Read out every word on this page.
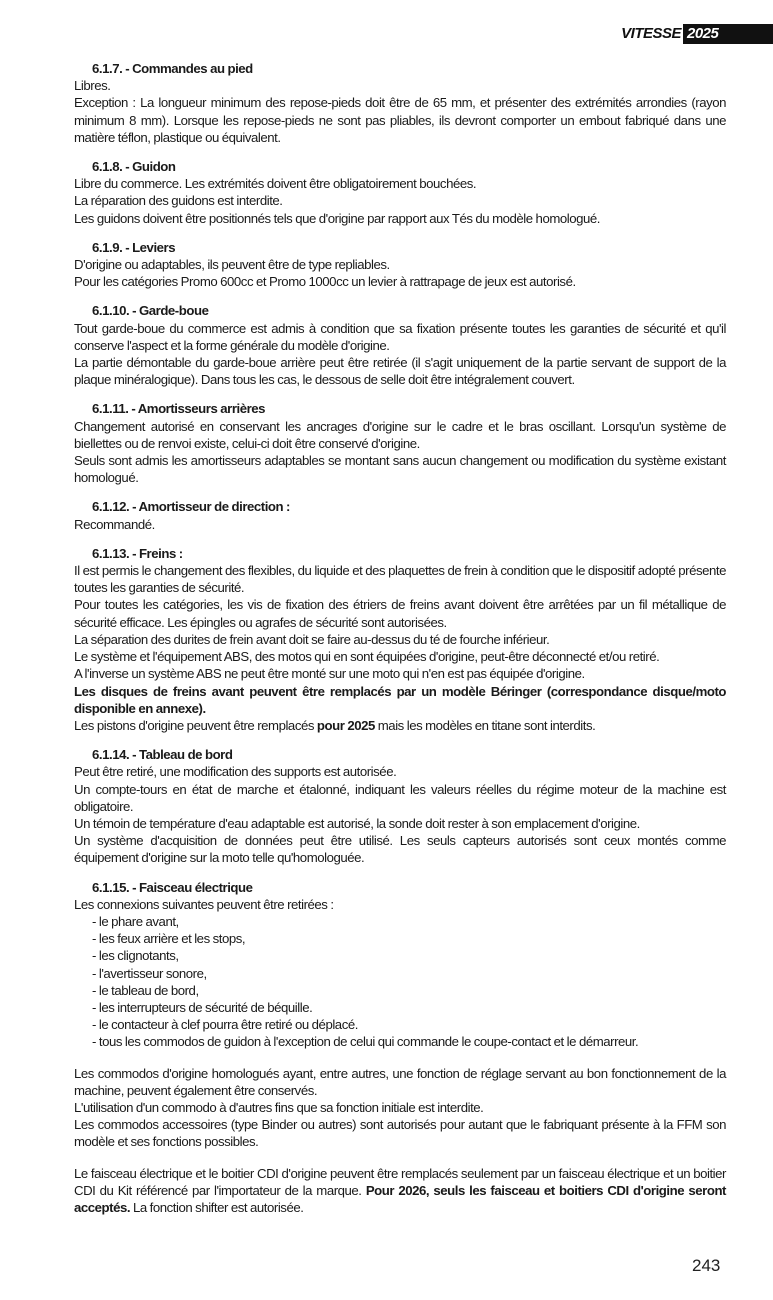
VITESSE 2025
6.1.7. - Commandes au pied

Libres.

Exception : La longueur minimum des repose-pieds doit être de 65 mm, et présenter des extrémités arrondies (rayon minimum 8 mm). Lorsque les repose-pieds ne sont pas pliables, ils devront comporter un embout fabriqué dans une matière téflon, plastique ou équivalent.

6.1.8. - Guidon

Libre du commerce. Les extrémités doivent être obligatoirement bouchées.

La réparation des guidons est interdite.

Les guidons doivent être positionnés tels que d'origine par rapport aux Tés du modèle homologué.

6.1.9. - Leviers

D'origine ou adaptables, ils peuvent être de type repliables.

Pour les catégories Promo 600cc et Promo 1000cc un levier à rattrapage de jeux est autorisé.

6.1.10. - Garde-boue

Tout garde-boue du commerce est admis à condition que sa fixation présente toutes les garanties de sécurité et qu'il conserve l'aspect et la forme générale du modèle d'origine.

La partie démontable du garde-boue arrière peut être retirée (il s'agit uniquement de la partie servant de support de la plaque minéralogique). Dans tous les cas, le dessous de selle doit être intégralement couvert.

6.1.11. - Amortisseurs arrières

Changement autorisé en conservant les ancrages d'origine sur le cadre et le bras oscillant. Lorsqu'un système de biellettes ou de renvoi existe, celui-ci doit être conservé d'origine.

Seuls sont admis les amortisseurs adaptables se montant sans aucun changement ou modification du système existant homologué.

6.1.12. - Amortisseur de direction :

Recommandé.

6.1.13. - Freins :

Il est permis le changement des flexibles, du liquide et des plaquettes de frein à condition que le dispositif adopté présente toutes les garanties de sécurité.

Pour toutes les catégories, les vis de fixation des étriers de freins avant doivent être arrêtées par un fil métallique de sécurité efficace. Les épingles ou agrafes de sécurité sont autorisées.

La séparation des durites de frein avant doit se faire au-dessus du té de fourche inférieur.

Le système et l'équipement ABS, des motos qui en sont équipées d'origine, peut-être déconnecté et/ou retiré.

A l'inverse un système ABS ne peut être monté sur une moto qui n'en est pas équipée d'origine.

Les disques de freins avant peuvent être remplacés par un modèle Béringer (correspondance disque/moto disponible en annexe).

Les pistons d'origine peuvent être remplacés pour 2025 mais les modèles en titane sont interdits.

6.1.14. - Tableau de bord

Peut être retiré, une modification des supports est autorisée.

Un compte-tours en état de marche et étalonné, indiquant les valeurs réelles du régime moteur de la machine est obligatoire.

Un témoin de température d'eau adaptable est autorisé, la sonde doit rester à son emplacement d'origine.

Un système d'acquisition de données peut être utilisé. Les seuls capteurs autorisés sont ceux montés comme équipement d'origine sur la moto telle qu'homologuée.

6.1.15. - Faisceau électrique

Les connexions suivantes peuvent être retirées :

- le phare avant,
- les feux arrière et les stops,
- les clignotants,
- l'avertisseur sonore,
- le tableau de bord,
- les interrupteurs de sécurité de béquille.
- le contacteur à clef pourra être retiré ou déplacé.
- tous les commodos de guidon à l'exception de celui qui commande le coupe-contact et le démarreur.

Les commodos d'origine homologués ayant, entre autres, une fonction de réglage servant au bon fonctionnement de la machine, peuvent également être conservés.

L'utilisation d'un commodo à d'autres fins que sa fonction initiale est interdite.

Les commodos accessoires (type Binder ou autres) sont autorisés pour autant que le fabriquant présente à la FFM son modèle et ses fonctions possibles.

Le faisceau électrique et le boitier CDI d'origine peuvent être remplacés seulement par un faisceau électrique et un boitier CDI du Kit référencé par l'importateur de la marque. Pour 2026, seuls les faisceau et boitiers CDI d'origine seront acceptés. La fonction shifter est autorisée.

243
